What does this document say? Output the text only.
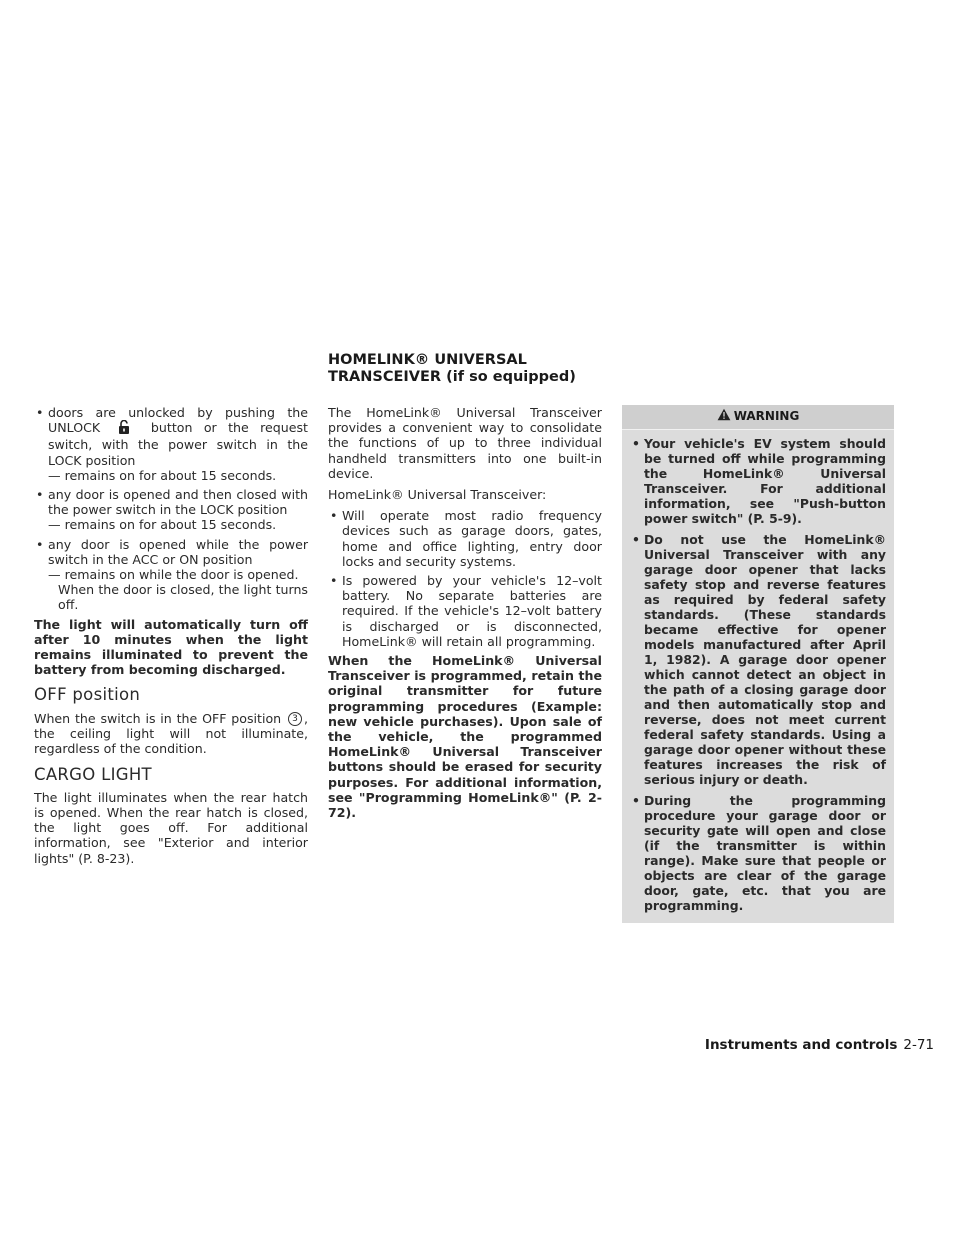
• doors are unlocked by pushing the UNLOCK	button or the request switch, with the power switch in the LOCK position
— remains on for about 15 seconds.
• any door is opened and then closed with the power switch in the LOCK position
— remains on for about 15 seconds.
• any door is opened while the power switch in the ACC or ON position
— remains on while the door is opened.
When the door is closed, the light turns off.

The light will automatically turn off after 10 minutes when the light remains illuminated to prevent the battery from becoming discharged.

OFF position

When the switch is in the OFF position 3 , the ceiling light will not illuminate, regardless of the condition.

CARGO LIGHT

The light illuminates when the rear hatch is opened. When the rear hatch is closed, the light goes off. For additional information, see "Exterior and interior lights" (P. 8-23).

HOMELINK® UNIVERSAL
TRANSCEIVER (if so equipped)

The HomeLink® Universal Transceiver provides a convenient way to consolidate the functions of up to three individual handheld transmitters into one built-in device.

HomeLink® Universal Transceiver:

• Will operate most radio frequency devices such as garage doors, gates, home and office lighting, entry door locks and security systems.
• Is powered by your vehicle's 12–volt battery. No separate batteries are required. If the vehicle's 12–volt battery is discharged or is disconnected, HomeLink® will retain all programming.

When the HomeLink® Universal Transceiver is programmed, retain the original transmitter for future programming procedures (Example: new vehicle purchases). Upon sale of the vehicle, the programmed HomeLink® Universal Transceiver buttons should be erased for security purposes. For additional information, see "Programming HomeLink®" (P. 2-72).

WARNING
• Your vehicle's EV system should be turned off while programming the HomeLink® Universal Transceiver. For additional information, see "Push-button power switch" (P. 5-9).
• Do not use the HomeLink® Universal Transceiver with any garage door opener that lacks safety stop and reverse features as required by federal safety standards. (These standards became effective for opener models manufactured after April 1, 1982). A garage door opener which cannot detect an object in the path of a closing garage door and then automatically stop and reverse, does not meet current federal safety standards. Using a garage door opener without these features increases the risk of serious injury or death.
• During the programming procedure your garage door or security gate will open and close (if the transmitter is within range). Make sure that people or objects are clear of the garage door, gate, etc. that you are programming.
Instruments and controls 2-71
